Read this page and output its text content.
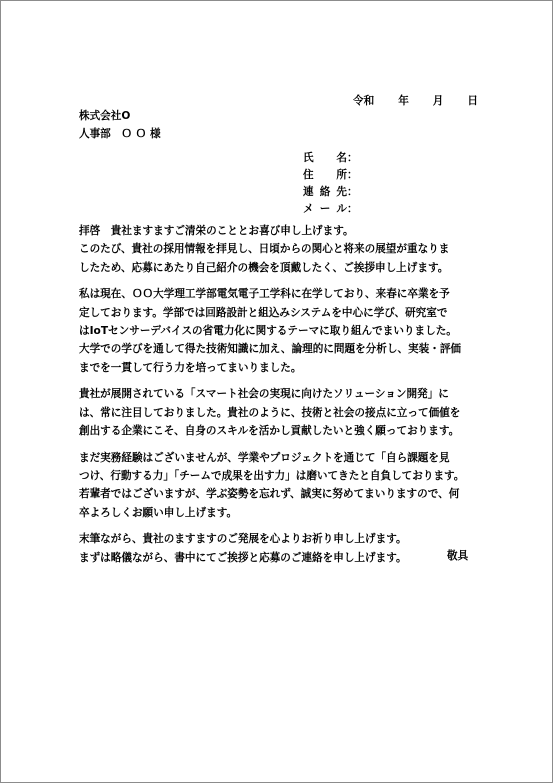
令和 年 月 日
株式会社O
人事部　Ｏ Ｏ 様
氏名 ：
住所 ：
連絡先 ：
メール ：
拝啓　貴社ますますご清栄のこととお喜び申し上げます。
このたび、貴社の採用情報を拝見し、日頃からの関心と将来の展望が重なりま
したため、応募にあたり自己紹介の機会を頂戴したく、ご挨拶申し上げます。
私は現在、ＯＯ大学理工学部電気電子工学科に在学しており、来春に卒業を予
定しております。学部では回路設計と組込みシステムを中心に学び、研究室で
はIoTセンサーデバイスの省電力化に関するテーマに取り組んでまいりました。
大学での学びを通して得た技術知識に加え、論理的に問題を分析し、実装・評価
までを一貫して行う力を培ってまいりました。
貴社が展開されている「スマート社会の実現に向けたソリューション開発」に
は、常に注目しておりました。貴社のように、技術と社会の接点に立って価値を
創出する企業にこそ、自身のスキルを活かし貢献したいと強く願っております。
まだ実務経験はございませんが、学業やプロジェクトを通じて「自ら課題を見
つけ、行動する力」「チームで成果を出す力」は磨いてきたと自負しております。
若輩者ではございますが、学ぶ姿勢を忘れず、誠実に努めてまいりますので、何
卒よろしくお願い申し上げます。
末筆ながら、貴社のますますのご発展を心よりお祈り申し上げます。
まずは略儀ながら、書中にてご挨拶と応募のご連絡を申し上げます。	敬具
